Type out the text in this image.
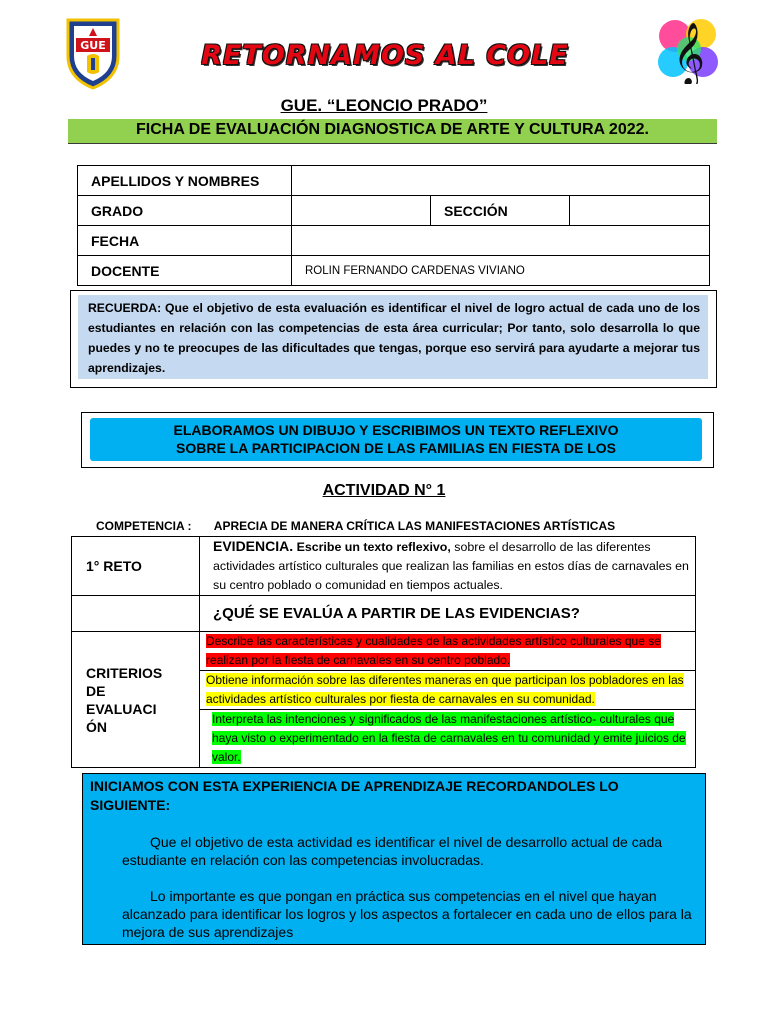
GUE	𝄞
RETORNAMOS AL COLE
GUE. “LEONCIO PRADO”
FICHA DE EVALUACIÓN DIAGNOSTICA DE ARTE Y CULTURA 2022.
APELLIDOS Y NOMBRES			
GRADO		SECCIÓN	
FECHA			
DOCENTE	ROLIN FERNANDO CARDENAS VIVIANO		
RECUERDA: Que el objetivo de esta evaluación es identificar el nivel de logro actual de cada uno de los estudiantes en relación con las competencias de esta área curricular; Por tanto, solo desarrolla lo que puedes y no te preocupes de las dificultades que tengas, porque eso servirá para ayudarte a mejorar tus aprendizajes.
ELABORAMOS UN DIBUJO Y ESCRIBIMOS UN TEXTO REFLEXIVO
SOBRE LA PARTICIPACION DE LAS FAMILIAS EN FIESTA DE LOS
ACTIVIDAD N° 1
COMPETENCIA : APRECIA DE MANERA CRÍTICA LAS MANIFESTACIONES ARTÍSTICAS
1° RETO	EVIDENCIA. Escribe un texto reflexivo, sobre el desarrollo de las diferentes actividades artístico culturales que realizan las familias en estos días de carnavales en su centro poblado o comunidad en tiempos actuales.
	¿QUÉ SE EVALÚA A PARTIR DE LAS EVIDENCIAS?

CRITERIOS DE EVALUACI ÓN	Describe las características y cualidades de las actividades artístico culturales que se realizan por la fiesta de carnavales en su centro poblado.
	Obtiene información sobre las diferentes maneras en que participan los pobladores en las actividades artístico culturales por fiesta de carnavales en su comunidad.
	Interpreta las intenciones y significados de las manifestaciones artístico- culturales que haya visto o experimentado en la fiesta de carnavales en tu comunidad y emite juicios de valor.
INICIAMOS CON ESTA EXPERIENCIA DE APRENDIZAJE RECORDANDOLES LO SIGUIENTE:
Que el objetivo de esta actividad es identificar el nivel de desarrollo actual de cada estudiante en relación con las competencias involucradas.
Lo importante es que pongan en práctica sus competencias en el nivel que hayan alcanzado para identificar los logros y los aspectos a fortalecer en cada uno de ellos para la mejora de sus aprendizajes
